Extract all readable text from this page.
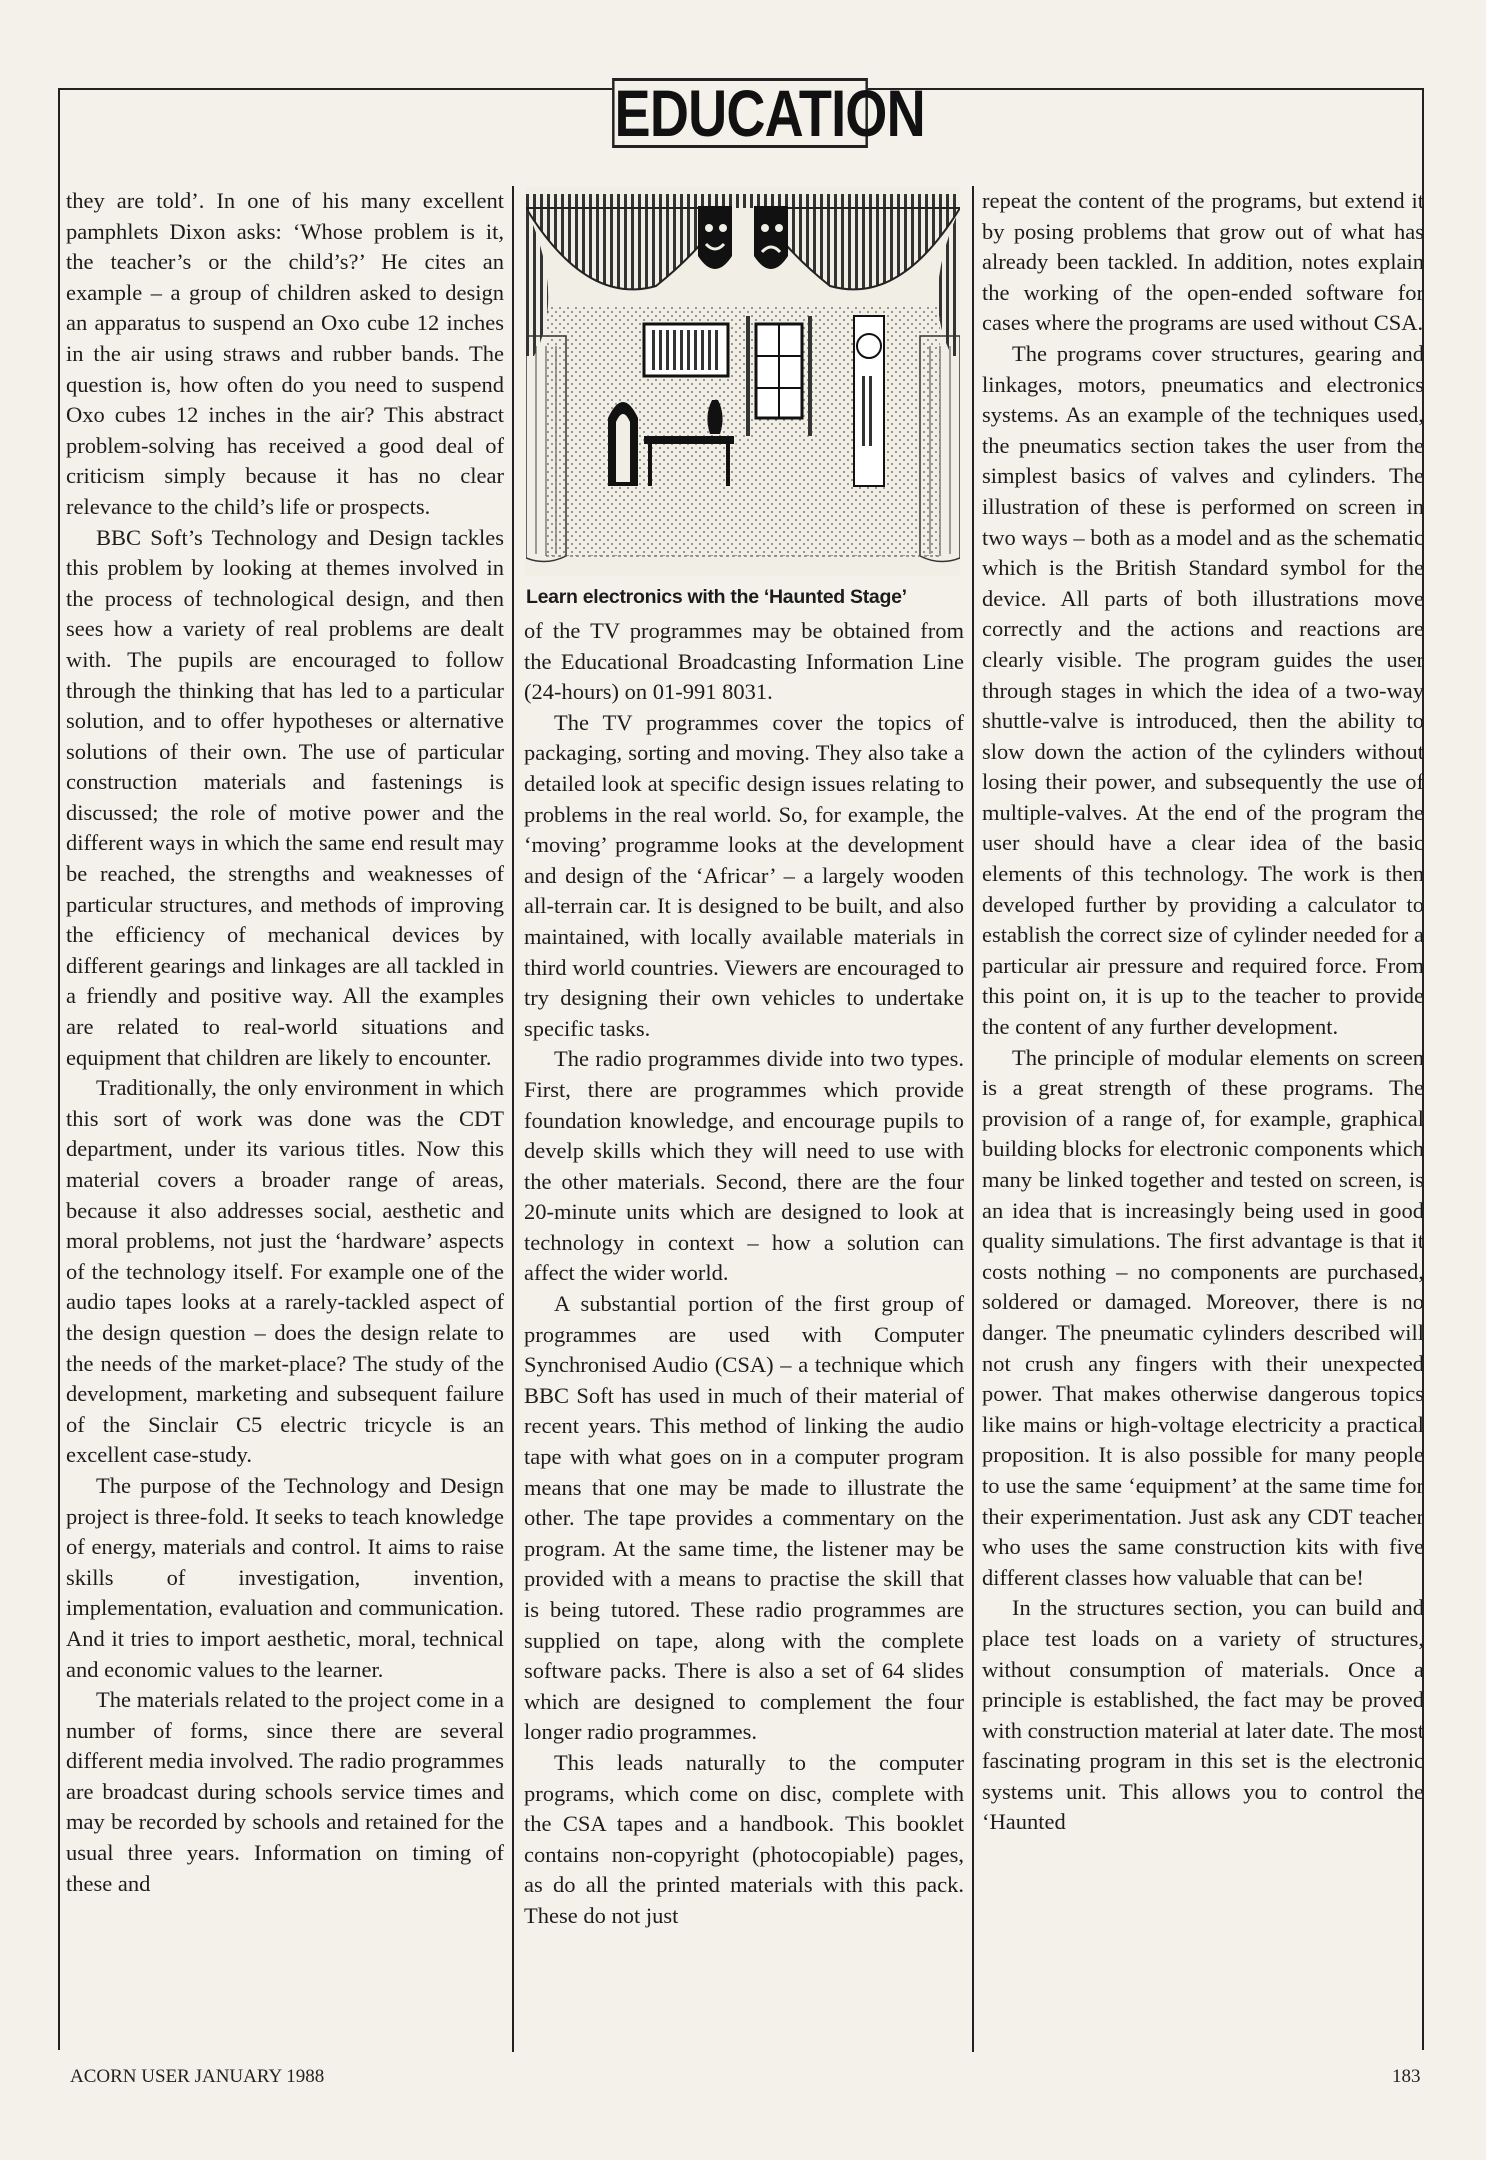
EDUCATION

they are told’. In one of his many excellent pamphlets Dixon asks: ‘Whose problem is it, the teacher’s or the child’s?’ He cites an example – a group of children asked to design an apparatus to suspend an Oxo cube 12 inches in the air using straws and rubber bands. The question is, how often do you need to suspend Oxo cubes 12 inches in the air? This abstract problem-solving has received a good deal of criticism simply because it has no clear relevance to the child’s life or prospects.

BBC Soft’s Technology and Design tackles this problem by looking at themes involved in the process of technological design, and then sees how a variety of real problems are dealt with. The pupils are encouraged to follow through the thinking that has led to a particular solution, and to offer hypotheses or alternative solutions of their own. The use of particular construction materials and fastenings is discussed; the role of motive power and the different ways in which the same end result may be reached, the strengths and weaknesses of particular structures, and methods of improving the efficiency of mechanical devices by different gearings and linkages are all tackled in a friendly and positive way. All the examples are related to real-world situations and equipment that children are likely to encounter.

Traditionally, the only environment in which this sort of work was done was the CDT department, under its various titles. Now this material covers a broader range of areas, because it also addresses social, aesthetic and moral problems, not just the ‘hardware’ aspects of the technology itself. For example one of the audio tapes looks at a rarely-tackled aspect of the design question – does the design relate to the needs of the market-place? The study of the development, marketing and subsequent failure of the Sinclair C5 electric tricycle is an excellent case-study.

The purpose of the Technology and Design project is three-fold. It seeks to teach knowledge of energy, materials and control. It aims to raise skills of investigation, invention, implementation, evaluation and communication. And it tries to import aesthetic, moral, technical and economic values to the learner.

The materials related to the project come in a number of forms, since there are several different media involved. The radio programmes are broadcast during schools service times and may be recorded by schools and retained for the usual three years. Information on timing of these and

Learn electronics with the ‘Haunted Stage’

of the TV programmes may be obtained from the Educational Broadcasting Information Line (24-hours) on 01-991 8031.

The TV programmes cover the topics of packaging, sorting and moving. They also take a detailed look at specific design issues relating to problems in the real world. So, for example, the ‘moving’ programme looks at the development and design of the ‘Africar’ – a largely wooden all-terrain car. It is designed to be built, and also maintained, with locally available materials in third world countries. Viewers are encouraged to try designing their own vehicles to undertake specific tasks.

The radio programmes divide into two types. First, there are programmes which provide foundation knowledge, and encourage pupils to develp skills which they will need to use with the other materials. Second, there are the four 20-minute units which are designed to look at technology in context – how a solution can affect the wider world.

A substantial portion of the first group of programmes are used with Computer Synchronised Audio (CSA) – a technique which BBC Soft has used in much of their material of recent years. This method of linking the audio tape with what goes on in a computer program means that one may be made to illustrate the other. The tape provides a commentary on the program. At the same time, the listener may be provided with a means to practise the skill that is being tutored. These radio programmes are supplied on tape, along with the complete software packs. There is also a set of 64 slides which are designed to complement the four longer radio programmes.

This leads naturally to the computer programs, which come on disc, complete with the CSA tapes and a handbook. This booklet contains non-copyright (photocopiable) pages, as do all the printed materials with this pack. These do not just

repeat the content of the programs, but extend it by posing problems that grow out of what has already been tackled. In addition, notes explain the working of the open-ended software for cases where the programs are used without CSA.

The programs cover structures, gearing and linkages, motors, pneumatics and electronics systems. As an example of the techniques used, the pneumatics section takes the user from the simplest basics of valves and cylinders. The illustration of these is performed on screen in two ways – both as a model and as the schematic which is the British Standard symbol for the device. All parts of both illustrations move correctly and the actions and reactions are clearly visible. The program guides the user through stages in which the idea of a two-way shuttle-valve is introduced, then the ability to slow down the action of the cylinders without losing their power, and subsequently the use of multiple-valves. At the end of the program the user should have a clear idea of the basic elements of this technology. The work is then developed further by providing a calculator to establish the correct size of cylinder needed for a particular air pressure and required force. From this point on, it is up to the teacher to provide the content of any further development.

The principle of modular elements on screen is a great strength of these programs. The provision of a range of, for example, graphical building blocks for electronic components which many be linked together and tested on screen, is an idea that is increasingly being used in good quality simulations. The first advantage is that it costs nothing – no components are purchased, soldered or damaged. Moreover, there is no danger. The pneumatic cylinders described will not crush any fingers with their unexpected power. That makes otherwise dangerous topics like mains or high-voltage electricity a practical proposition. It is also possible for many people to use the same ‘equipment’ at the same time for their experimentation. Just ask any CDT teacher who uses the same construction kits with five different classes how valuable that can be!

In the structures section, you can build and place test loads on a variety of structures, without consumption of materials. Once a principle is established, the fact may be proved with construction material at later date. The most fascinating program in this set is the electronic systems unit. This allows you to control the ‘Haunted

ACORN USER JANUARY 1988	183
